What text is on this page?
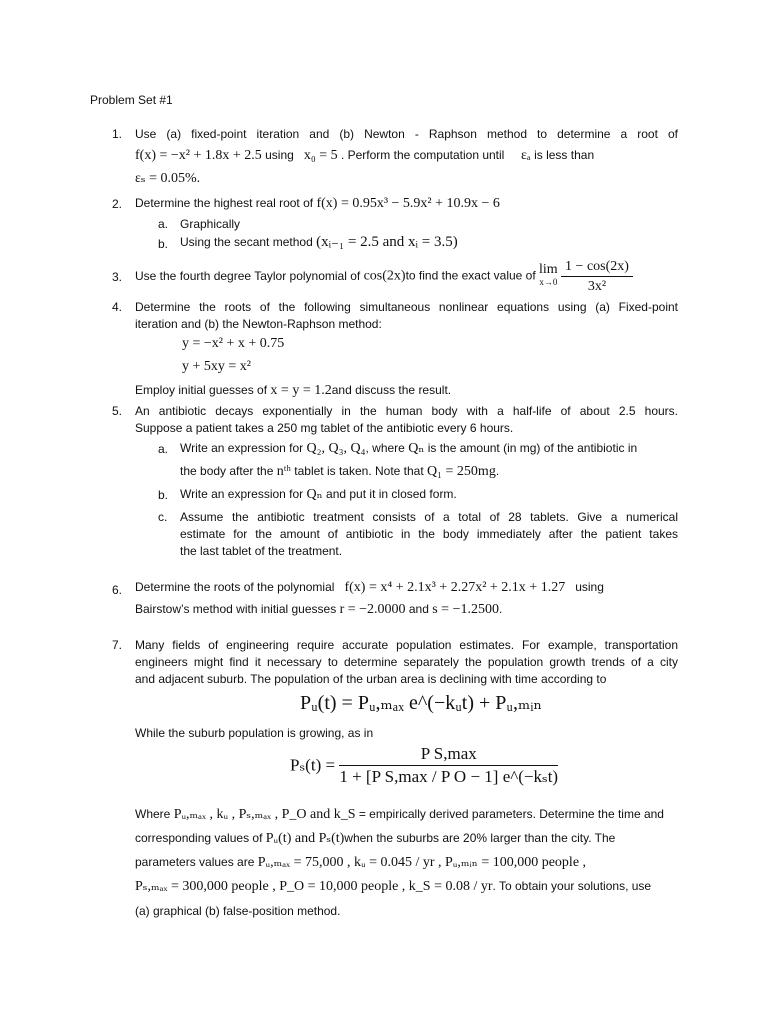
Problem Set #1
1.	Use (a) fixed-point iteration and (b) Newton - Raphson method to determine a root of
f(x) = −x² + 1.8x + 2.5 using x₀ = 5 . Perform the computation until εₐ is less than
εₛ = 0.05%.
2.	Determine the highest real root of f(x) = 0.95x³ − 5.9x² + 10.9x − 6
a. Graphically
b. Using the secant method (xᵢ₋₁ = 2.5 and xᵢ = 3.5)
3.	Use the fourth degree Taylor polynomial of cos(2x)to find the exact value of lim
x→0
$\frac{1 - \cos(2x)}{\text{3x²}}$
4.	Determine the roots of the following simultaneous nonlinear equations using (a) Fixed-point
iteration and (b) the Newton-Raphson method:
y = −x² + x + 0.75
y + 5xy = x²
Employ initial guesses of x = y = 1.2and discuss the result.
5.	An antibiotic decays exponentially in the human body with a half-life of about 2.5 hours.
Suppose a patient takes a 250 mg tablet of the antibiotic every 6 hours.
a. Write an expression for Q₂, Q₃, Q₄, where Qₙ is the amount (in mg) of the antibiotic in
the body after the nᵗʰ tablet is taken. Note that Q₁ = 250mg.
b. Write an expression for Qₙ and put it in closed form.
c.	Assume the antibiotic treatment consists of a total of 28 tablets. Give a numerical
estimate for the amount of antibiotic in the body immediately after the patient takes
the last tablet of the treatment.
6.	Determine the roots of the polynomial f(x) = x⁴ + 2.1x³ + 2.27x² + 2.1x + 1.27 using
Bairstow’s method with initial guesses r = −2.0000 and s = −1.2500.
7.	Many fields of engineering require accurate population estimates. For example, transportation
engineers might find it necessary to determine separately the population growth trends of a city
and adjacent suburb. The population of the urban area is declining with time according to
Pᵤ(t) = Pᵤ,ₘₐₓ e^(−kᵤt) + Pᵤ,ₘᵢₙ
While the suburb population is growing, as in
$P_s(t) = \frac{\text{P S,max}}{\text{1 + [P S,max / P O − 1] e\textasciicircum{}(−kₛt)}}$
Where Pᵤ,ₘₐₓ , kᵤ , Pₛ,ₘₐₓ , P_O and k_S = empirically derived parameters. Determine the time and
corresponding values of Pᵤ(t) and Pₛ(t)when the suburbs are 20% larger than the city. The
parameters values are Pᵤ,ₘₐₓ = 75,000 , kᵤ = 0.045 / yr , Pᵤ,ₘᵢₙ = 100,000 people ,
Pₛ,ₘₐₓ = 300,000 people , P_O = 10,000 people , k_S = 0.08 / yr. To obtain your solutions, use
(a) graphical (b) false-position method.
